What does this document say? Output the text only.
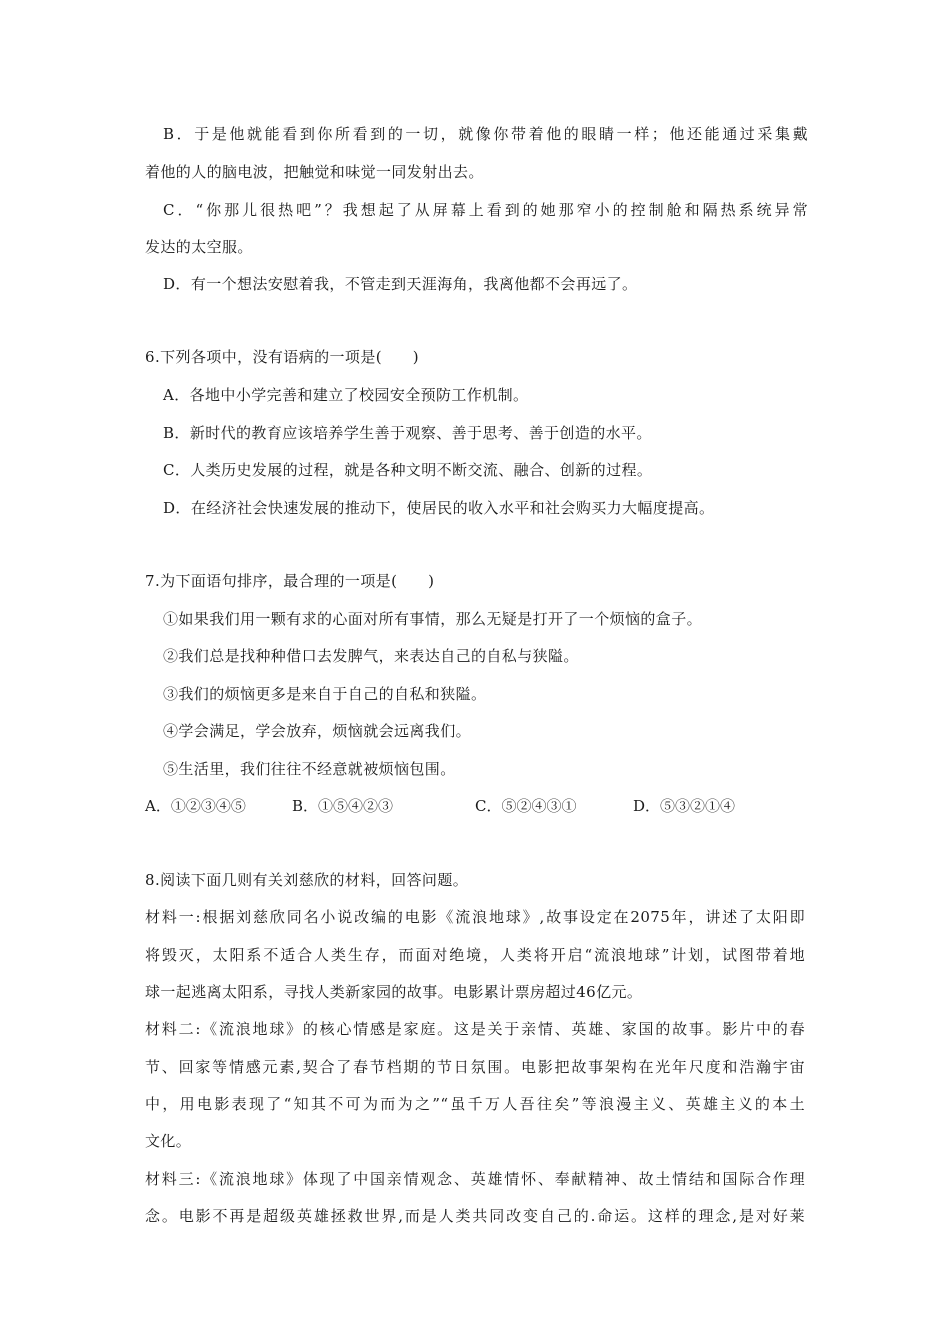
B．于是他就能看到你所看到的一切，就像你带着他的眼睛一样；他还能通过采集戴
着他的人的脑电波，把触觉和味觉一同发射出去。
C．“你那儿很热吧”？我想起了从屏幕上看到的她那窄小的控制舱和隔热系统异常
发达的太空服。
D．有一个想法安慰着我，不管走到天涯海角，我离他都不会再远了。
6.下列各项中，没有语病的一项是(　　)
A．各地中小学完善和建立了校园安全预防工作机制。
B．新时代的教育应该培养学生善于观察、善于思考、善于创造的水平。
C．人类历史发展的过程，就是各种文明不断交流、融合、创新的过程。
D．在经济社会快速发展的推动下，使居民的收入水平和社会购买力大幅度提高。
7.为下面语句排序，最合理的一项是(　　)
①如果我们用一颗有求的心面对所有事情，那么无疑是打开了一个烦恼的盒子。
②我们总是找种种借口去发脾气，来表达自己的自私与狭隘。
③我们的烦恼更多是来自于自己的自私和狭隘。
④学会满足，学会放弃，烦恼就会远离我们。
⑤生活里，我们往往不经意就被烦恼包围。
A．①②③④⑤	B．①⑤④②③	C．⑤②④③①	D．⑤③②①④
8.阅读下面几则有关刘慈欣的材料，回答问题。
材料一:根据刘慈欣同名小说改编的电影《流浪地球》,故事设定在2075年，讲述了太阳即
将毁灭，太阳系不适合人类生存，而面对绝境，人类将开启“流浪地球”计划，试图带着地
球一起逃离太阳系，寻找人类新家园的故事。电影累计票房超过46亿元。
材料二:《流浪地球》的核心情感是家庭。这是关于亲情、英雄、家国的故事。影片中的春
节、回家等情感元素,契合了春节档期的节日氛围。电影把故事架构在光年尺度和浩瀚宇宙
中，用电影表现了“知其不可为而为之”“虽千万人吾往矣”等浪漫主义、英雄主义的本土
文化。
材料三:《流浪地球》体现了中国亲情观念、英雄情怀、奉献精神、故土情结和国际合作理
念。电影不再是超级英雄拯救世界,而是人类共同改变自己的.命运。这样的理念,是对好莱
